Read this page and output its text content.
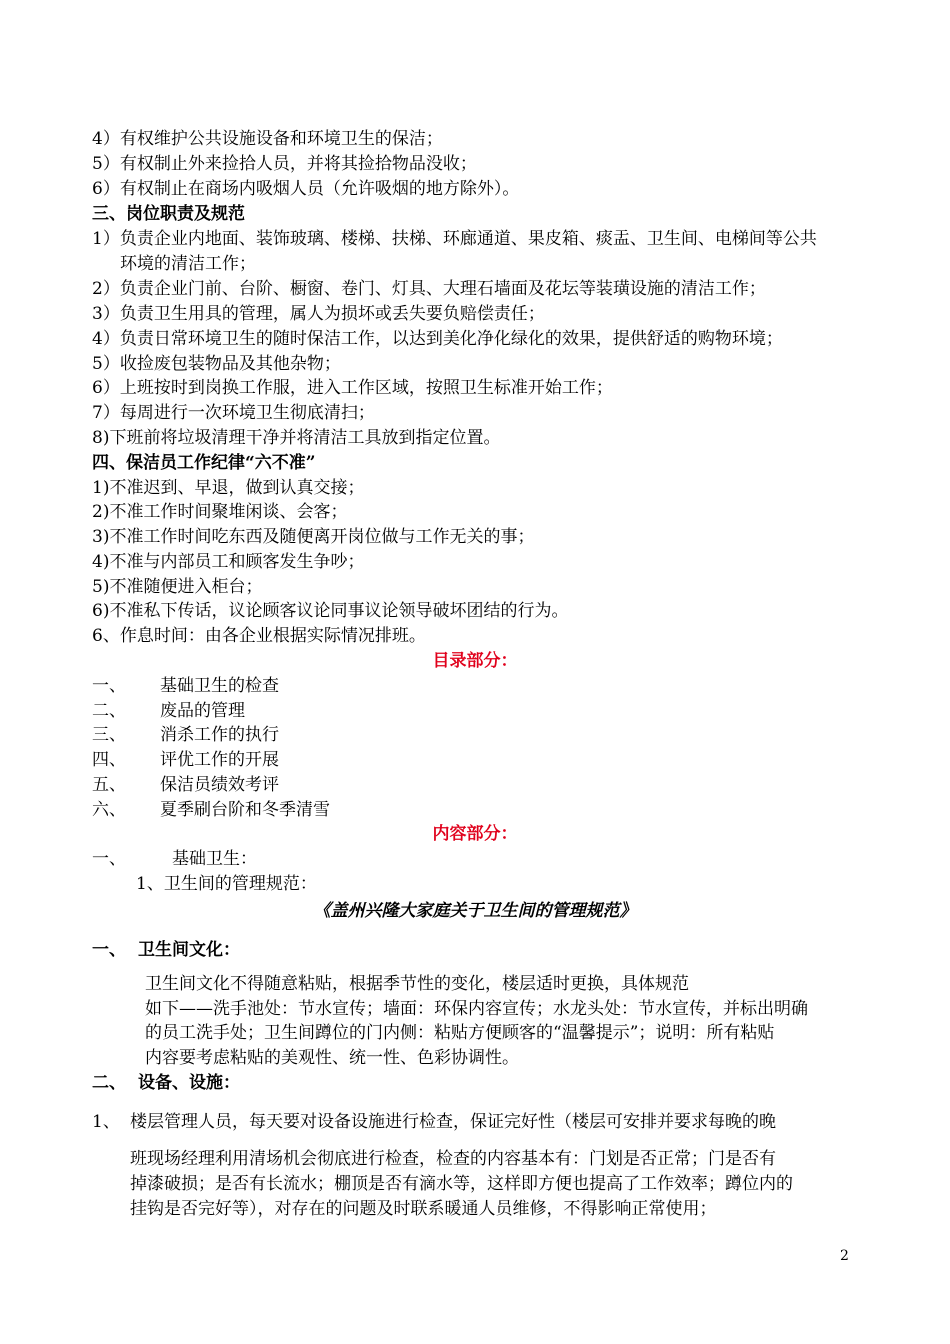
4）有权维护公共设施设备和环境卫生的保洁；
5）有权制止外来捡拾人员，并将其捡拾物品没收；
6）有权制止在商场内吸烟人员（允许吸烟的地方除外）。
三、岗位职责及规范
1）负责企业内地面、装饰玻璃、楼梯、扶梯、环廊通道、果皮箱、痰盂、卫生间、电梯间等公共
环境的清洁工作；
2）负责企业门前、台阶、橱窗、卷门、灯具、大理石墙面及花坛等装璜设施的清洁工作；
3）负责卫生用具的管理，属人为损坏或丢失要负赔偿责任；
4）负责日常环境卫生的随时保洁工作，以达到美化净化绿化的效果，提供舒适的购物环境；
5）收捡废包装物品及其他杂物；
6）上班按时到岗换工作服，进入工作区域，按照卫生标准开始工作；
7）每周进行一次环境卫生彻底清扫；
8)下班前将垃圾清理干净并将清洁工具放到指定位置。
四、保洁员工作纪律“六不准”
1)不准迟到、早退，做到认真交接；
2)不准工作时间聚堆闲谈、会客；
3)不准工作时间吃东西及随便离开岗位做与工作无关的事；
4)不准与内部员工和顾客发生争吵；
5)不准随便进入柜台；
6)不准私下传话，议论顾客议论同事议论领导破坏团结的行为。
6、作息时间：由各企业根据实际情况排班。
目录部分：
一、 基础卫生的检查
二、 废品的管理
三、 消杀工作的执行
四、 评优工作的开展
五、 保洁员绩效考评
六、 夏季刷台阶和冬季清雪
内容部分：
一、	基础卫生：
1、卫生间的管理规范：
《盖州兴隆大家庭关于卫生间的管理规范》
一、 卫生间文化：
卫生间文化不得随意粘贴，根据季节性的变化，楼层适时更换，具体规范
如下——洗手池处：节水宣传；墙面：环保内容宣传；水龙头处：节水宣传，并标出明确
的员工洗手处；卫生间蹲位的门内侧：粘贴方便顾客的“温馨提示”；说明：所有粘贴
内容要考虑粘贴的美观性、统一性、色彩协调性。
二、 设备、设施：
1、 楼层管理人员，每天要对设备设施进行检查，保证完好性（楼层可安排并要求每晚的晚
班现场经理利用清场机会彻底进行检查，检查的内容基本有：门划是否正常；门是否有
掉漆破损；是否有长流水；棚顶是否有滴水等，这样即方便也提高了工作效率；蹲位内的
挂钩是否完好等），对存在的问题及时联系暖通人员维修，不得影响正常使用；
2
